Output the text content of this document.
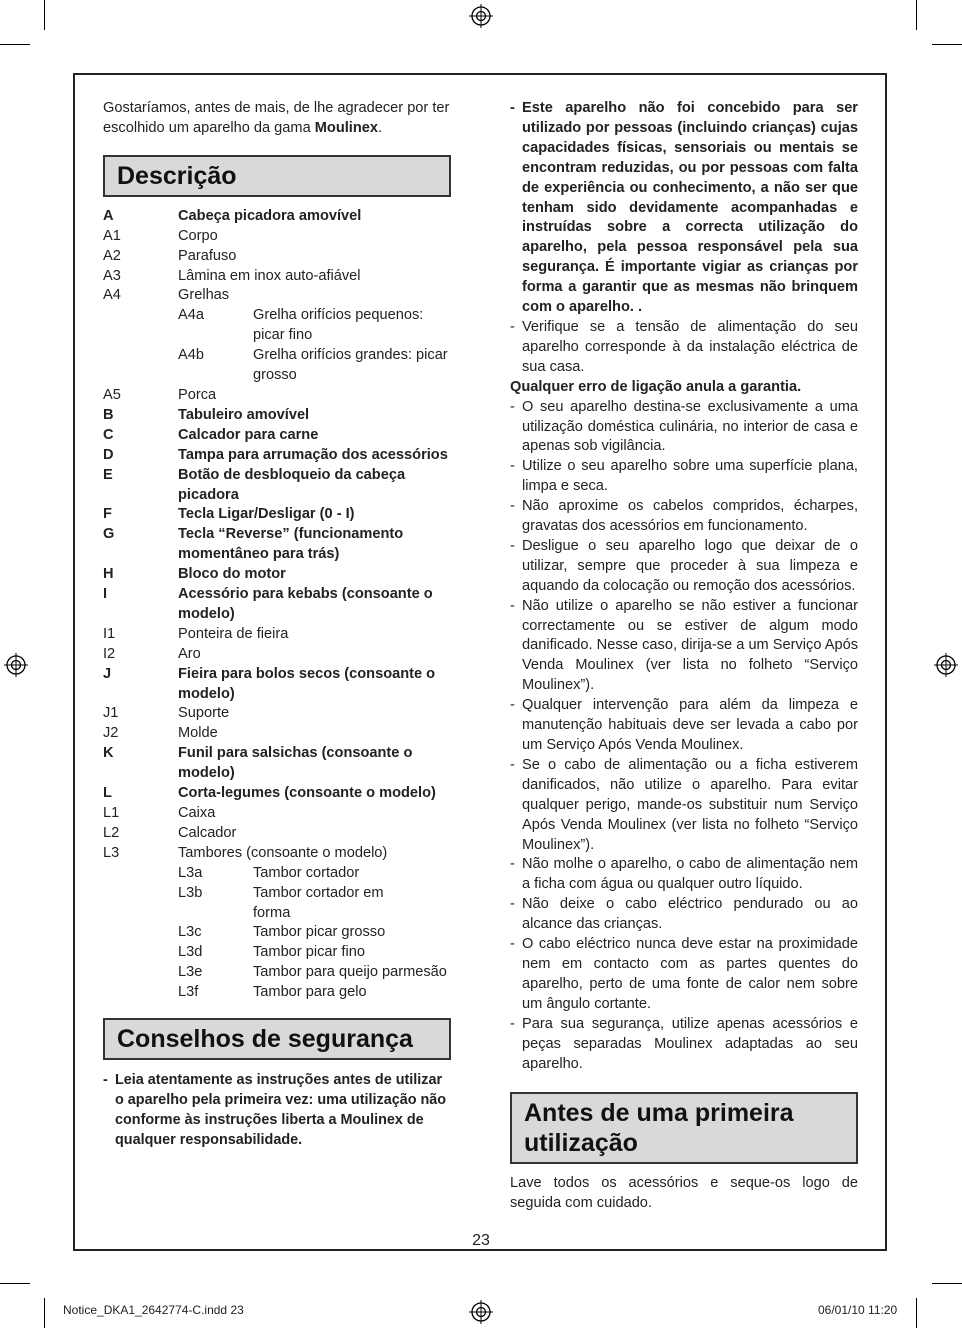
Gostaríamos, antes de mais, de lhe agradecer por ter escolhido um aparelho da gama Moulinex.
Descrição
A	Cabeça picadora amovível
A1	Corpo
A2	Parafuso
A3	Lâmina em inox auto-afiável
A4	Grelhas
A4a	Grelha orifícios pequenos: picar fino
A4b	Grelha orifícios grandes: picar grosso
A5	Porca
B	Tabuleiro amovível
C	Calcador para carne
D	Tampa para arrumação dos acessórios
E	Botão de desbloqueio da cabeça picadora
F	Tecla Ligar/Desligar (0 - I)
G	Tecla “Reverse” (funcionamento momentâneo para trás)
H	Bloco do motor
I	Acessório para kebabs (consoante o modelo)
I1	Ponteira de fieira
I2	Aro
J	Fieira para bolos secos (consoante o modelo)
J1	Suporte
J2	Molde
K	Funil para salsichas (consoante o modelo)
L	Corta-legumes (consoante o modelo)
L1	Caixa
L2	Calcador
L3	Tambores (consoante o modelo)
L3a	Tambor cortador
L3b	Tambor cortador em forma
L3c	Tambor picar grosso
L3d	Tambor picar fino
L3e	Tambor para queijo parmesão
L3f	Tambor para gelo
Conselhos de segurança
- Leia atentamente as instruções antes de utilizar o aparelho pela primeira vez: uma utilização não conforme às instruções liberta a Moulinex de qualquer responsabilidade.
- Este aparelho não foi concebido para ser utilizado por pessoas (incluindo crianças) cujas capacidades físicas, sensoriais ou mentais se encontram reduzidas, ou por pessoas com falta de experiência ou conhecimento, a não ser que tenham sido devidamente acompanhadas e instruídas sobre a correcta utilização do aparelho, pela pessoa responsável pela sua segurança. É importante vigiar as crianças por forma a garantir que as mesmas não brinquem com o aparelho. .
- Verifique se a tensão de alimentação do seu aparelho corresponde à da instalação eléctrica de sua casa.
Qualquer erro de ligação anula a garantia.
- O seu aparelho destina-se exclusivamente a uma utilização doméstica culinária, no interior de casa e apenas sob vigilância.
- Utilize o seu aparelho sobre uma superfície plana, limpa e seca.
- Não aproxime os cabelos compridos, écharpes, gravatas dos acessórios em funcionamento.
- Desligue o seu aparelho logo que deixar de o utilizar, sempre que proceder à sua limpeza e aquando da colocação ou remoção dos acessórios.
- Não utilize o aparelho se não estiver a funcionar correctamente ou se estiver de algum modo danificado. Nesse caso, dirija-se a um Serviço Após Venda Moulinex (ver lista no folheto “Serviço Moulinex”).
- Qualquer intervenção para além da limpeza e manutenção habituais deve ser levada a cabo por um Serviço Após Venda Moulinex.
- Se o cabo de alimentação ou a ficha estiverem danificados, não utilize o aparelho. Para evitar qualquer perigo, mande-os substituir num Serviço Após Venda Moulinex (ver lista no folheto “Serviço Moulinex”).
- Não molhe o aparelho, o cabo de alimentação nem a ficha com água ou qualquer outro líquido.
- Não deixe o cabo eléctrico pendurado ou ao alcance das crianças.
- O cabo eléctrico nunca deve estar na proximidade nem em contacto com as partes quentes do aparelho, perto de uma fonte de calor nem sobre um ângulo cortante.
- Para sua segurança, utilize apenas acessórios e peças separadas Moulinex adaptadas ao seu aparelho.
Antes de uma primeira utilização
Lave todos os acessórios e seque-os logo de seguida com cuidado.
23
Notice_DKA1_2642774-C.indd 23	06/01/10 11:20
